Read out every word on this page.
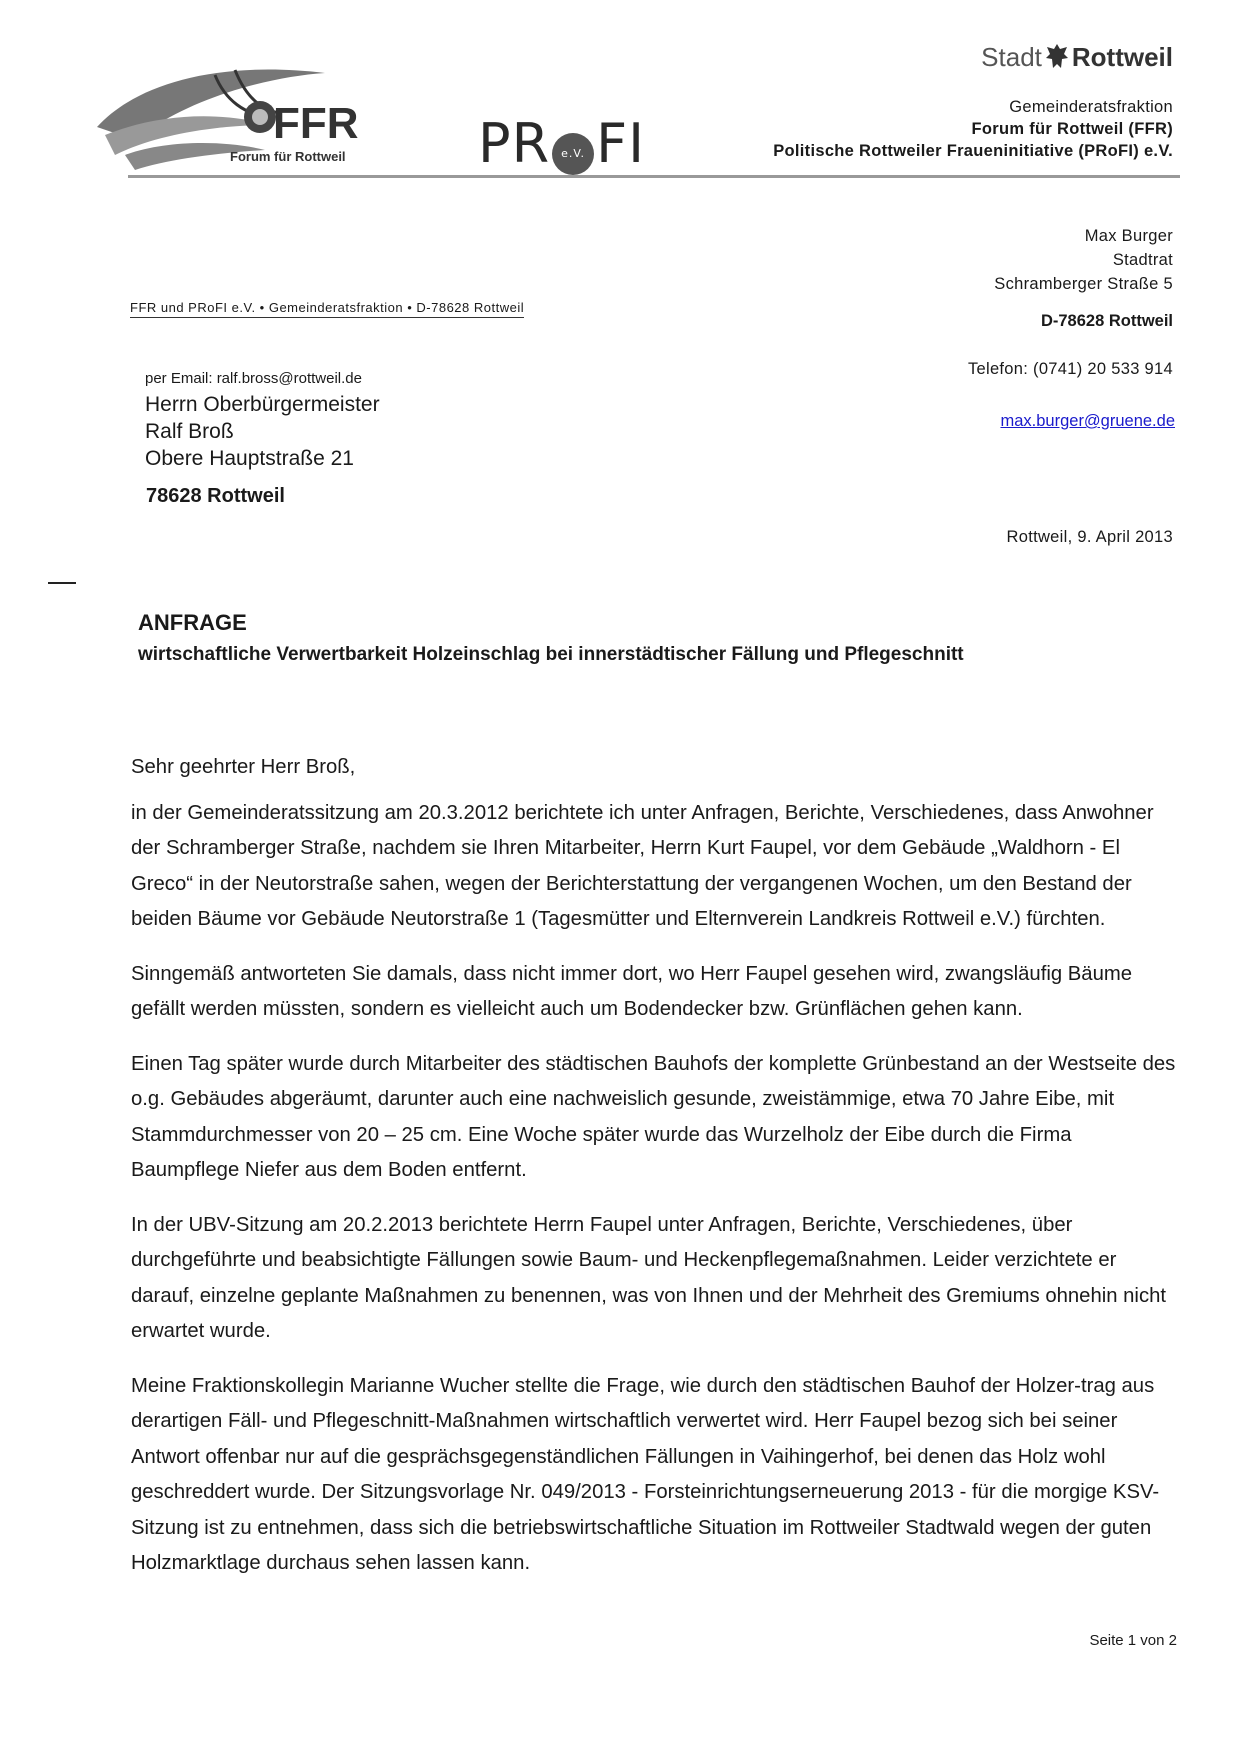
FFR
Forum für Rottweil PR e.V. FI
Stadt Rottweil
Gemeinderatsfraktion
Forum für Rottweil (FFR)
Politische Rottweiler Fraueninitiative (PRoFI) e.V.
Max Burger
Stadtrat
Schramberger Straße 5
D-78628 Rottweil
Telefon: (0741) 20 533 914
max.burger@gruene.de
FFR und PRoFI e.V. • Gemeinderatsfraktion • D-78628 Rottweil
per Email: ralf.bross@rottweil.de
Herrn Oberbürgermeister
Ralf Broß
Obere Hauptstraße 21
78628 Rottweil
Rottweil, 9. April 2013
ANFRAGE
wirtschaftliche Verwertbarkeit Holzeinschlag bei innerstädtischer Fällung und Pflegeschnitt

Sehr geehrter Herr Broß,

in der Gemeinderatssitzung am 20.3.2012 berichtete ich unter Anfragen, Berichte, Verschiedenes, dass Anwohner der Schramberger Straße, nachdem sie Ihren Mitarbeiter, Herrn Kurt Faupel, vor dem Gebäude „Waldhorn - El Greco“ in der Neutorstraße sahen, wegen der Berichterstattung der vergangenen Wochen, um den Bestand der beiden Bäume vor Gebäude Neutorstraße 1 (Tagesmütter und Elternverein Landkreis Rottweil e.V.) fürchten.

Sinngemäß antworteten Sie damals, dass nicht immer dort, wo Herr Faupel gesehen wird, zwangsläufig Bäume gefällt werden müssten, sondern es vielleicht auch um Bodendecker bzw. Grünflächen gehen kann.

Einen Tag später wurde durch Mitarbeiter des städtischen Bauhofs der komplette Grünbestand an der Westseite des o.g. Gebäudes abgeräumt, darunter auch eine nachweislich gesunde, zweistämmige, etwa 70 Jahre Eibe, mit Stammdurchmesser von 20 – 25 cm. Eine Woche später wurde das Wurzelholz der Eibe durch die Firma Baumpflege Niefer aus dem Boden entfernt.

In der UBV-Sitzung am 20.2.2013 berichtete Herrn Faupel unter Anfragen, Berichte, Verschiedenes, über durchgeführte und beabsichtigte Fällungen sowie Baum- und Heckenpflegemaßnahmen. Leider verzichtete er darauf, einzelne geplante Maßnahmen zu benennen, was von Ihnen und der Mehrheit des Gremiums ohnehin nicht erwartet wurde.

Meine Fraktionskollegin Marianne Wucher stellte die Frage, wie durch den städtischen Bauhof der Holzer-trag aus derartigen Fäll- und Pflegeschnitt-Maßnahmen wirtschaftlich verwertet wird. Herr Faupel bezog sich bei seiner Antwort offenbar nur auf die gesprächsgegenständlichen Fällungen in Vaihingerhof, bei denen das Holz wohl geschreddert wurde. Der Sitzungsvorlage Nr. 049/2013 - Forsteinrichtungserneuerung 2013 - für die morgige KSV-Sitzung ist zu entnehmen, dass sich die betriebswirtschaftliche Situation im Rottweiler Stadtwald wegen der guten Holzmarktlage durchaus sehen lassen kann.

Seite 1 von 2
